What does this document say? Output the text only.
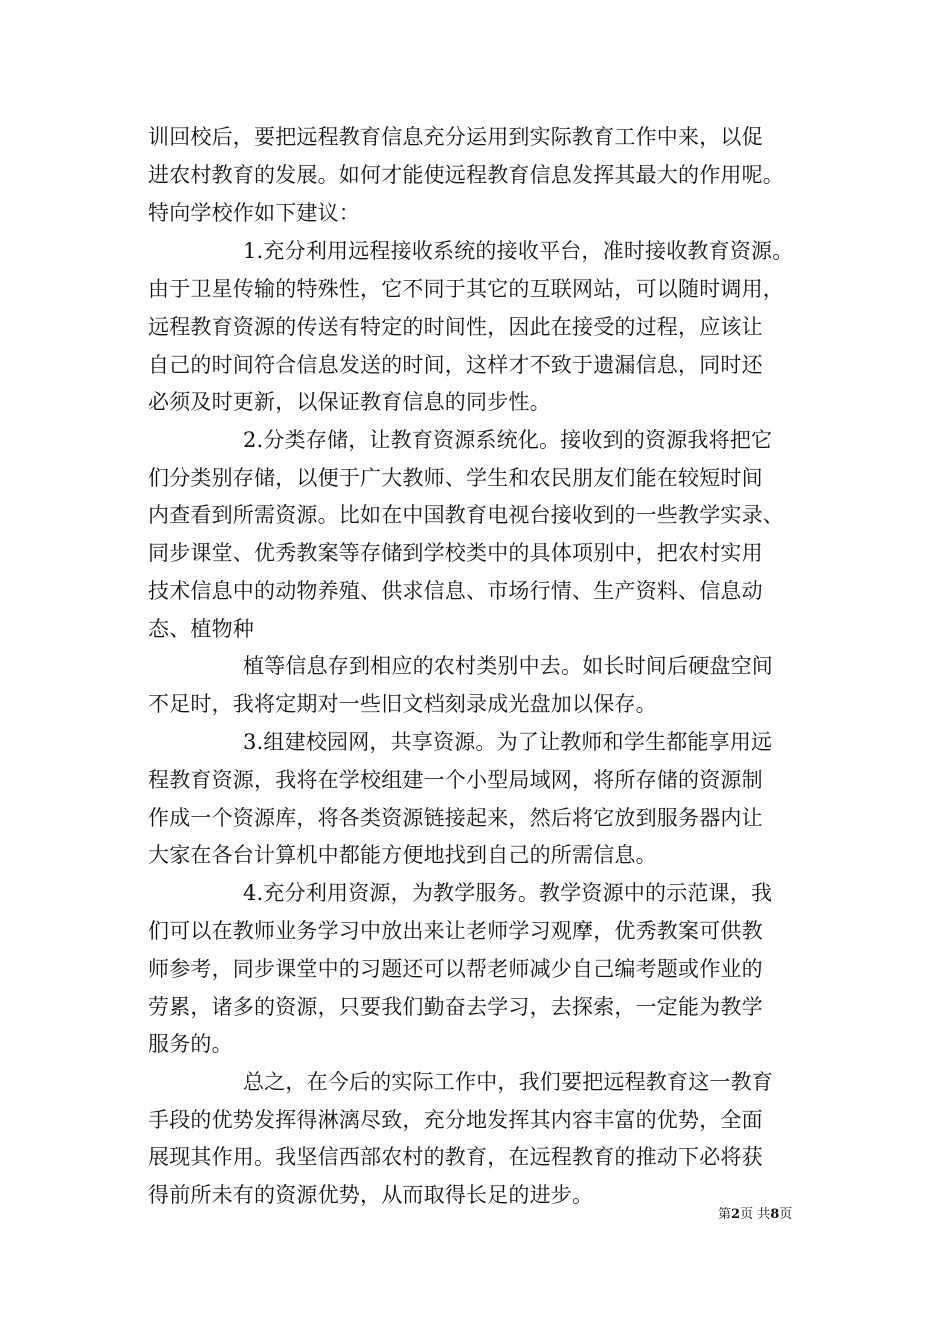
训回校后，要把远程教育信息充分运用到实际教育工作中来，以促
进农村教育的发展。如何才能使远程教育信息发挥其最大的作用呢。
特向学校作如下建议：
1.充分利用远程接收系统的接收平台，准时接收教育资源。
由于卫星传输的特殊性，它不同于其它的互联网站，可以随时调用，
远程教育资源的传送有特定的时间性，因此在接受的过程，应该让
自己的时间符合信息发送的时间，这样才不致于遗漏信息，同时还
必须及时更新，以保证教育信息的同步性。
2.分类存储，让教育资源系统化。接收到的资源我将把它
们分类别存储，以便于广大教师、学生和农民朋友们能在较短时间
内查看到所需资源。比如在中国教育电视台接收到的一些教学实录、
同步课堂、优秀教案等存储到学校类中的具体项别中，把农村实用
技术信息中的动物养殖、供求信息、市场行情、生产资料、信息动
态、植物种
植等信息存到相应的农村类别中去。如长时间后硬盘空间
不足时，我将定期对一些旧文档刻录成光盘加以保存。
3.组建校园网，共享资源。为了让教师和学生都能享用远
程教育资源，我将在学校组建一个小型局域网，将所存储的资源制
作成一个资源库，将各类资源链接起来，然后将它放到服务器内让
大家在各台计算机中都能方便地找到自己的所需信息。
4.充分利用资源，为教学服务。教学资源中的示范课，我
们可以在教师业务学习中放出来让老师学习观摩，优秀教案可供教
师参考，同步课堂中的习题还可以帮老师减少自己编考题或作业的
劳累，诸多的资源，只要我们勤奋去学习，去探索，一定能为教学
服务的。
总之，在今后的实际工作中，我们要把远程教育这一教育
手段的优势发挥得淋漓尽致，充分地发挥其内容丰富的优势，全面
展现其作用。我坚信西部农村的教育，在远程教育的推动下必将获
得前所未有的资源优势，从而取得长足的进步。
第2页 共8页
